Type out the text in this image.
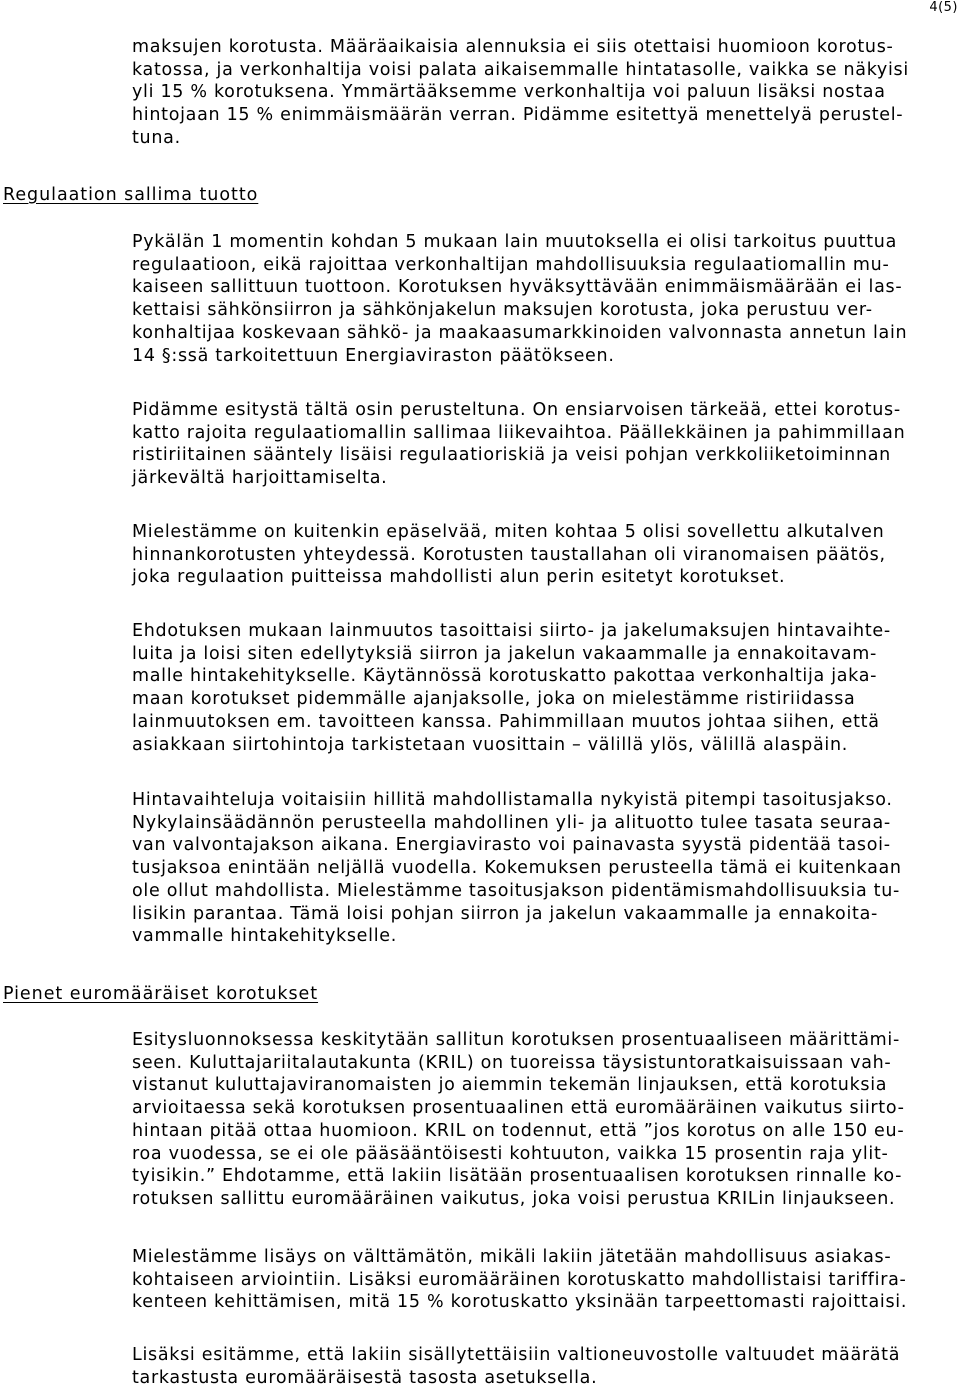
4(5)
maksujen korotusta. Määräaikaisia alennuksia ei siis otettaisi huomioon korotus-
katossa, ja verkonhaltija voisi palata aikaisemmalle hintatasolle, vaikka se näkyisi
yli 15 % korotuksena. Ymmärtääksemme verkonhaltija voi paluun lisäksi nostaa
hintojaan 15 % enimmäismäärän verran. Pidämme esitettyä menettelyä perustel-
tuna.
Regulaation sallima tuotto
Pykälän 1 momentin kohdan 5 mukaan lain muutoksella ei olisi tarkoitus puuttua
regulaatioon, eikä rajoittaa verkonhaltijan mahdollisuuksia regulaatiomallin mu-
kaiseen sallittuun tuottoon. Korotuksen hyväksyttävään enimmäismäärään ei las-
kettaisi sähkönsiirron ja sähkönjakelun maksujen korotusta, joka perustuu ver-
konhaltijaa koskevaan sähkö- ja maakaasumarkkinoiden valvonnasta annetun lain
14 §:ssä tarkoitettuun Energiaviraston päätökseen.
Pidämme esitystä tältä osin perusteltuna. On ensiarvoisen tärkeää, ettei korotus-
katto rajoita regulaatiomallin sallimaa liikevaihtoa. Päällekkäinen ja pahimmillaan
ristiriitainen sääntely lisäisi regulaatioriskiä ja veisi pohjan verkkoliiketoiminnan
järkevältä harjoittamiselta.
Mielestämme on kuitenkin epäselvää, miten kohtaa 5 olisi sovellettu alkutalven
hinnankorotusten yhteydessä. Korotusten taustallahan oli viranomaisen päätös,
joka regulaation puitteissa mahdollisti alun perin esitetyt korotukset.
Ehdotuksen mukaan lainmuutos tasoittaisi siirto- ja jakelumaksujen hintavaihte-
luita ja loisi siten edellytyksiä siirron ja jakelun vakaammalle ja ennakoitavam-
malle hintakehitykselle. Käytännössä korotuskatto pakottaa verkonhaltija jaka-
maan korotukset pidemmälle ajanjaksolle, joka on mielestämme ristiriidassa
lainmuutoksen em. tavoitteen kanssa. Pahimmillaan muutos johtaa siihen, että
asiakkaan siirtohintoja tarkistetaan vuosittain – välillä ylös, välillä alaspäin.
Hintavaihteluja voitaisiin hillitä mahdollistamalla nykyistä pitempi tasoitusjakso.
Nykylainsäädännön perusteella mahdollinen yli- ja alituotto tulee tasata seuraa-
van valvontajakson aikana. Energiavirasto voi painavasta syystä pidentää tasoi-
tusjaksoa enintään neljällä vuodella. Kokemuksen perusteella tämä ei kuitenkaan
ole ollut mahdollista. Mielestämme tasoitusjakson pidentämismahdollisuuksia tu-
lisikin parantaa. Tämä loisi pohjan siirron ja jakelun vakaammalle ja ennakoita-
vammalle hintakehitykselle.
Pienet euromääräiset korotukset
Esitysluonnoksessa keskitytään sallitun korotuksen prosentuaaliseen määrittämi-
seen. Kuluttajariitalautakunta (KRIL) on tuoreissa täysistuntoratkaisuissaan vah-
vistanut kuluttajaviranomaisten jo aiemmin tekemän linjauksen, että korotuksia
arvioitaessa sekä korotuksen prosentuaalinen että euromääräinen vaikutus siirto-
hintaan pitää ottaa huomioon. KRIL on todennut, että ”jos korotus on alle 150 eu-
roa vuodessa, se ei ole pääsääntöisesti kohtuuton, vaikka 15 prosentin raja ylit-
tyisikin.” Ehdotamme, että lakiin lisätään prosentuaalisen korotuksen rinnalle ko-
rotuksen sallittu euromääräinen vaikutus, joka voisi perustua KRILin linjaukseen.
Mielestämme lisäys on välttämätön, mikäli lakiin jätetään mahdollisuus asiakas-
kohtaiseen arviointiin. Lisäksi euromääräinen korotuskatto mahdollistaisi tariffira-
kenteen kehittämisen, mitä 15 % korotuskatto yksinään tarpeettomasti rajoittaisi.
Lisäksi esitämme, että lakiin sisällytettäisiin valtioneuvostolle valtuudet määrätä
tarkastusta euromääräisestä tasosta asetuksella.
